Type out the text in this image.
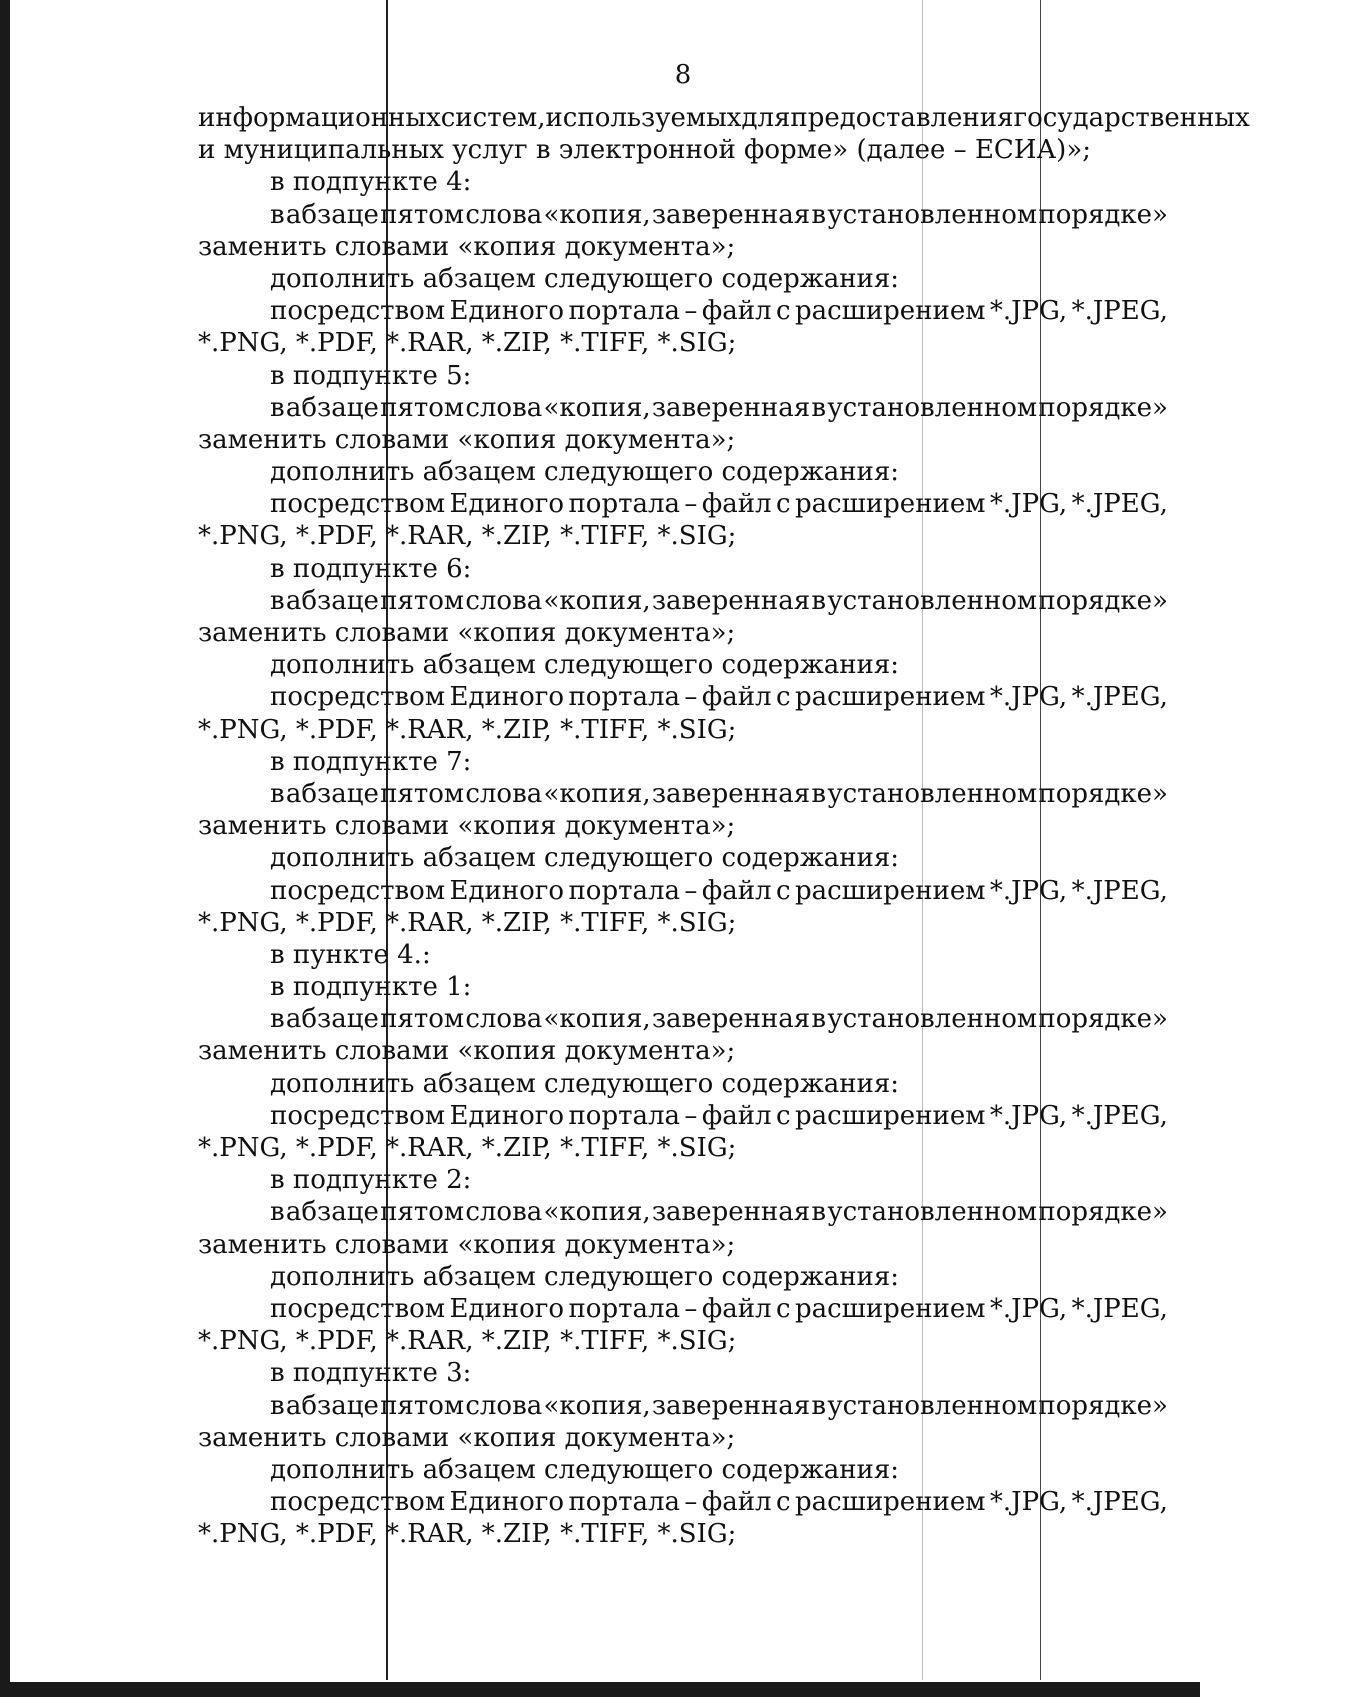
8
информационных систем, используемых для предоставления государственных
и муниципальных услуг в электронной форме» (далее – ЕСИА)»;
в подпункте 4:
в абзаце пятом слова «копия, заверенная в установленном порядке»
заменить словами «копия документа»;
дополнить абзацем следующего содержания:
посредством Единого портала – файл с расширением *.JPG, *.JPEG,
*.PNG, *.PDF, *.RAR, *.ZIP, *.TIFF, *.SIG;
в подпункте 5:
в абзаце пятом слова «копия, заверенная в установленном порядке»
заменить словами «копия документа»;
дополнить абзацем следующего содержания:
посредством Единого портала – файл с расширением *.JPG, *.JPEG,
*.PNG, *.PDF, *.RAR, *.ZIP, *.TIFF, *.SIG;
в подпункте 6:
в абзаце пятом слова «копия, заверенная в установленном порядке»
заменить словами «копия документа»;
дополнить абзацем следующего содержания:
посредством Единого портала – файл с расширением *.JPG, *.JPEG,
*.PNG, *.PDF, *.RAR, *.ZIP, *.TIFF, *.SIG;
в подпункте 7:
в абзаце пятом слова «копия, заверенная в установленном порядке»
заменить словами «копия документа»;
дополнить абзацем следующего содержания:
посредством Единого портала – файл с расширением *.JPG, *.JPEG,
*.PNG, *.PDF, *.RAR, *.ZIP, *.TIFF, *.SIG;
в пункте 4.:
в подпункте 1:
в абзаце пятом слова «копия, заверенная в установленном порядке»
заменить словами «копия документа»;
дополнить абзацем следующего содержания:
посредством Единого портала – файл с расширением *.JPG, *.JPEG,
*.PNG, *.PDF, *.RAR, *.ZIP, *.TIFF, *.SIG;
в подпункте 2:
в абзаце пятом слова «копия, заверенная в установленном порядке»
заменить словами «копия документа»;
дополнить абзацем следующего содержания:
посредством Единого портала – файл с расширением *.JPG, *.JPEG,
*.PNG, *.PDF, *.RAR, *.ZIP, *.TIFF, *.SIG;
в подпункте 3:
в абзаце пятом слова «копия, заверенная в установленном порядке»
заменить словами «копия документа»;
дополнить абзацем следующего содержания:
посредством Единого портала – файл с расширением *.JPG, *.JPEG,
*.PNG, *.PDF, *.RAR, *.ZIP, *.TIFF, *.SIG;
